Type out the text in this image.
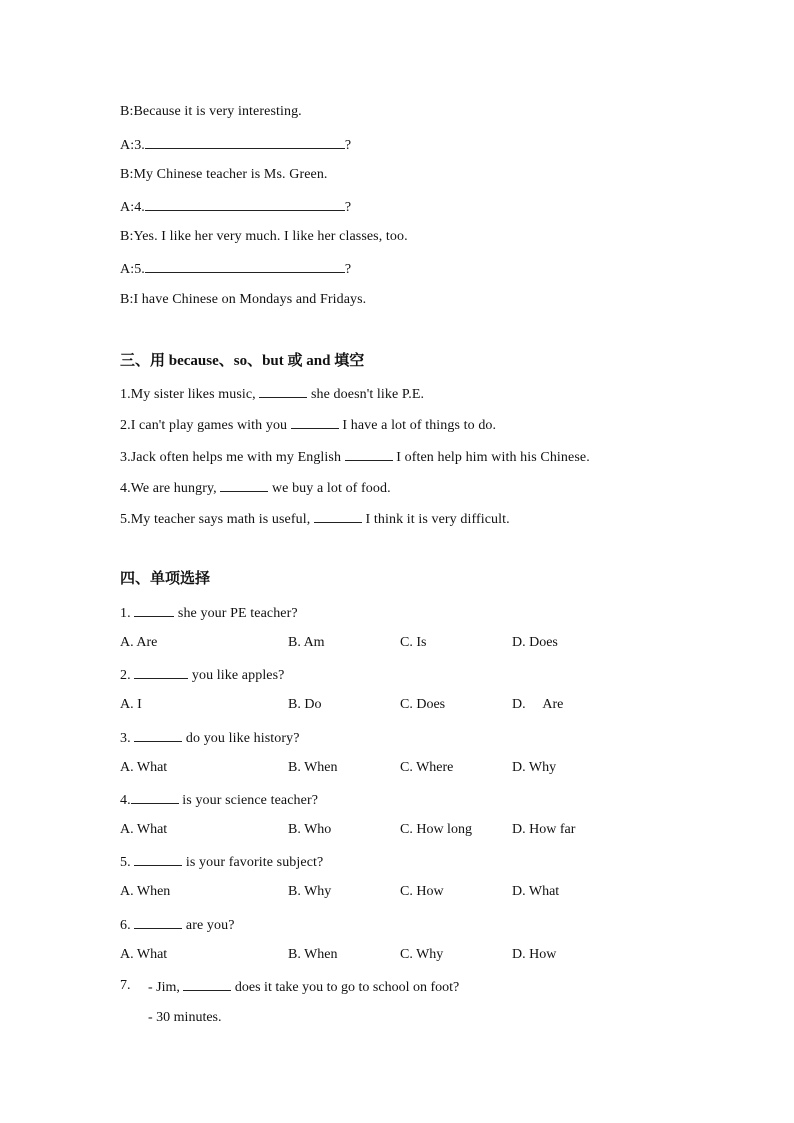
B:Because it is very interesting.
A:3.	?
B:My Chinese teacher is Ms. Green.
A:4.	?
B:Yes. I like her very much. I like her classes, too.
A:5.	?
B:I have Chinese on Mondays and Fridays.
三、用 because、so、but 或 and 填空
1.My sister likes music,	she doesn't like P.E.
2.I can't play games with you	I have a lot of things to do.
3.Jack often helps me with my English	I often help him with his Chinese.
4.We are hungry,	we buy a lot of food.
5.My teacher says math is useful,	I think it is very difficult.
四、单项选择
1.	she your PE teacher?
A. Are	B. Am	C. Is	D. Does
2.	you like apples?
A. I	B. Do	C. Does	D.     Are
3.	do you like history?
A. What	B. When	C. Where	D. Why
4.	is your science teacher?
A. What	B. Who	C. How long	D. How far
5.	is your favorite subject?
A. When	B. Why	C. How	D. What
6.	are you?
A. What	B. When	C. Why	D. How
7. - Jim,	does it take you to go to school on foot?
- 30 minutes.
